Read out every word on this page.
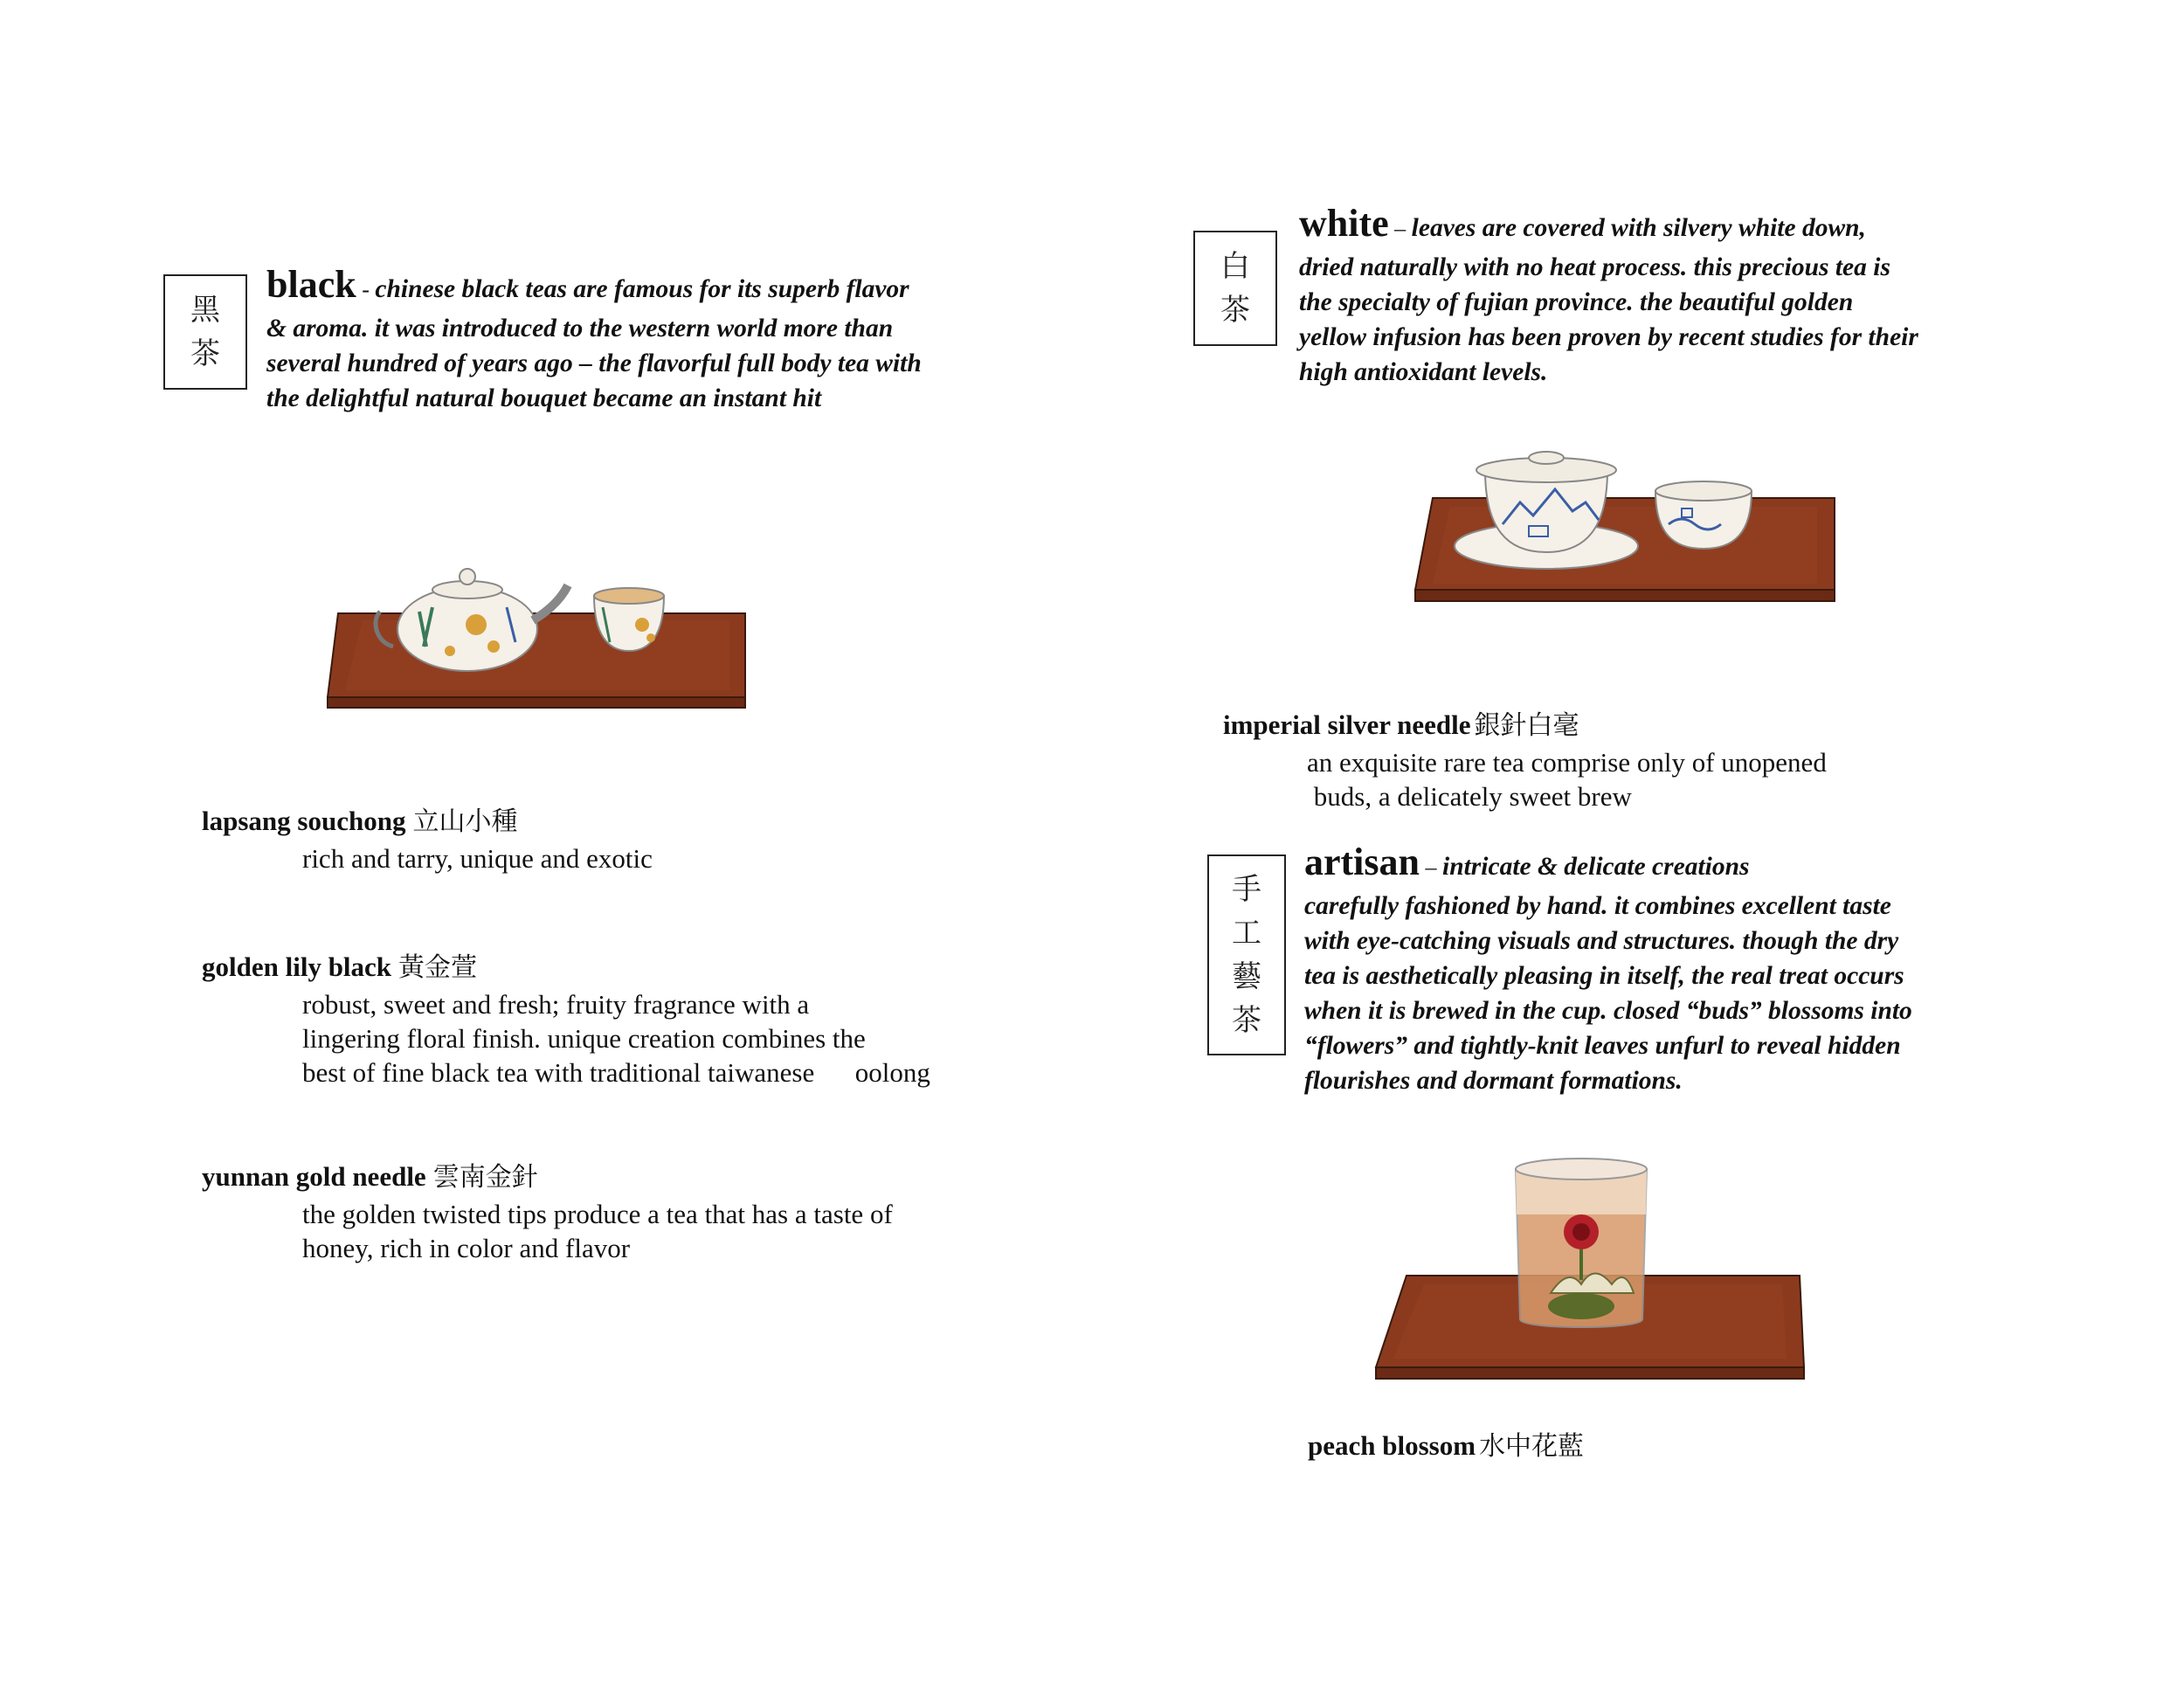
黑
茶
black - chinese black teas are famous for its superb flavor
& aroma. it was introduced to the western world more than
several hundred of years ago – the flavorful full body tea with
the delightful natural bouquet became an instant hit
lapsang souchong 立山小種
rich and tarry, unique and exotic
golden lily black 黃金萱
robust, sweet and fresh; fruity fragrance with a
lingering floral finish. unique creation combines the
best of fine black tea with traditional taiwanese      oolong
yunnan gold needle 雲南金針
the golden twisted tips produce a tea that has a taste of
honey, rich in color and flavor
白
茶
white – leaves are covered with silvery white down,
dried naturally with no heat process. this precious tea is
the specialty of fujian province. the beautiful golden
yellow infusion has been proven by recent studies for their
high antioxidant levels.
imperial silver needle 銀針白毫
an exquisite rare tea comprise only of unopened
buds, a delicately sweet brew
手
工
藝
茶
artisan – intricate & delicate creations
carefully fashioned by hand. it combines excellent taste
with eye-catching visuals and structures. though the dry
tea is aesthetically pleasing in itself, the real treat occurs
when it is brewed in the cup. closed “buds” blossoms into
“flowers” and tightly-knit leaves unfurl to reveal hidden
flourishes and dormant formations.
peach blossom 水中花藍
